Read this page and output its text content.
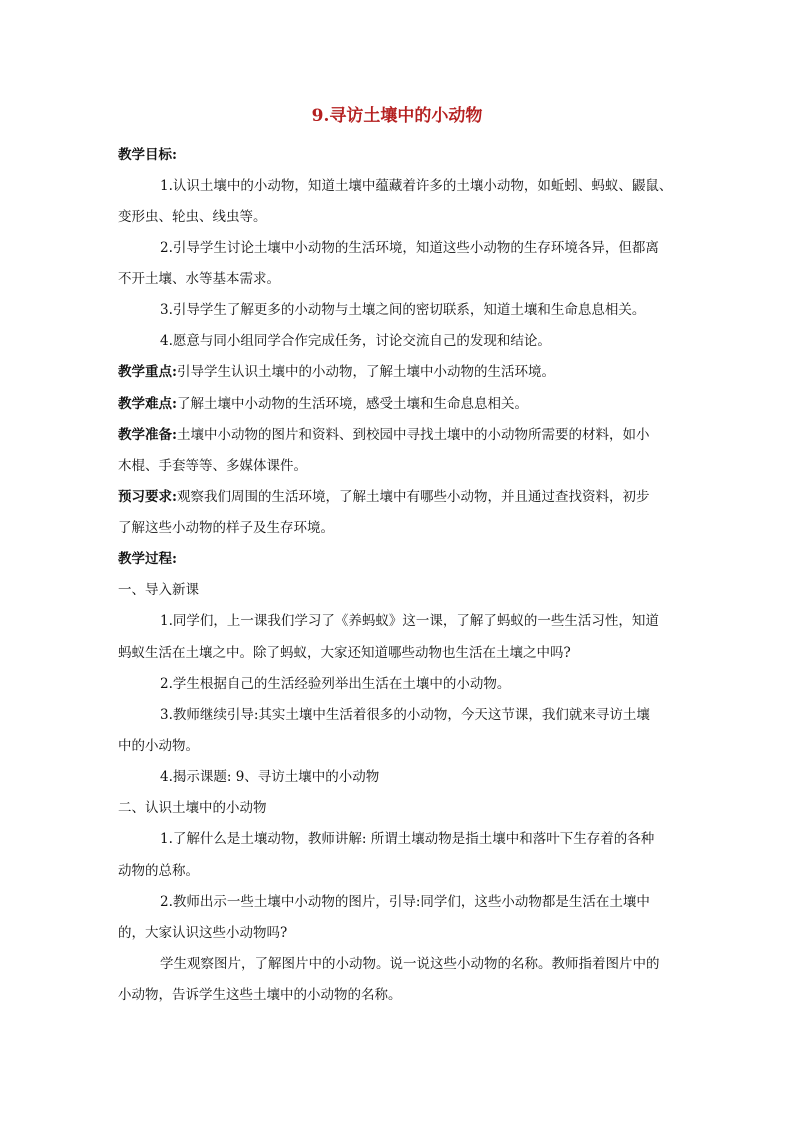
9.寻访土壤中的小动物
教学目标:
1.认识土壤中的小动物，知道土壤中蕴藏着许多的土壤小动物，如蚯蚓、蚂蚁、鼹鼠、
变形虫、轮虫、线虫等。
2.引导学生讨论土壤中小动物的生活环境，知道这些小动物的生存环境各异，但都离
不开土壤、水等基本需求。
3.引导学生了解更多的小动物与土壤之间的密切联系，知道土壤和生命息息相关。
4.愿意与同小组同学合作完成任务，讨论交流自己的发现和结论。
教学重点:引导学生认识土壤中的小动物，了解土壤中小动物的生活环境。
教学难点:了解土壤中小动物的生活环境，感受土壤和生命息息相关。
教学准备:土壤中小动物的图片和资料、到校园中寻找土壤中的小动物所需要的材料，如小
木棍、手套等等、多媒体课件。
预习要求:观察我们周围的生活环境，了解土壤中有哪些小动物，并且通过查找资料，初步
了解这些小动物的样子及生存环境。
教学过程:
一、导入新课
1.同学们，上一课我们学习了《养蚂蚁》这一课，了解了蚂蚁的一些生活习性，知道
蚂蚁生活在土壤之中。除了蚂蚁，大家还知道哪些动物也生活在土壤之中吗?
2.学生根据自己的生活经验列举出生活在土壤中的小动物。
3.教师继续引导:其实土壤中生活着很多的小动物，今天这节课，我们就来寻访土壤
中的小动物。
4.揭示课题: 9、寻访土壤中的小动物
二、认识土壤中的小动物
1.了解什么是土壤动物，教师讲解: 所谓土壤动物是指土壤中和落叶下生存着的各种
动物的总称。
2.教师出示一些土壤中小动物的图片，引导:同学们，这些小动物都是生活在土壤中
的，大家认识这些小动物吗?
学生观察图片，了解图片中的小动物。说一说这些小动物的名称。教师指着图片中的
小动物，告诉学生这些土壤中的小动物的名称。
